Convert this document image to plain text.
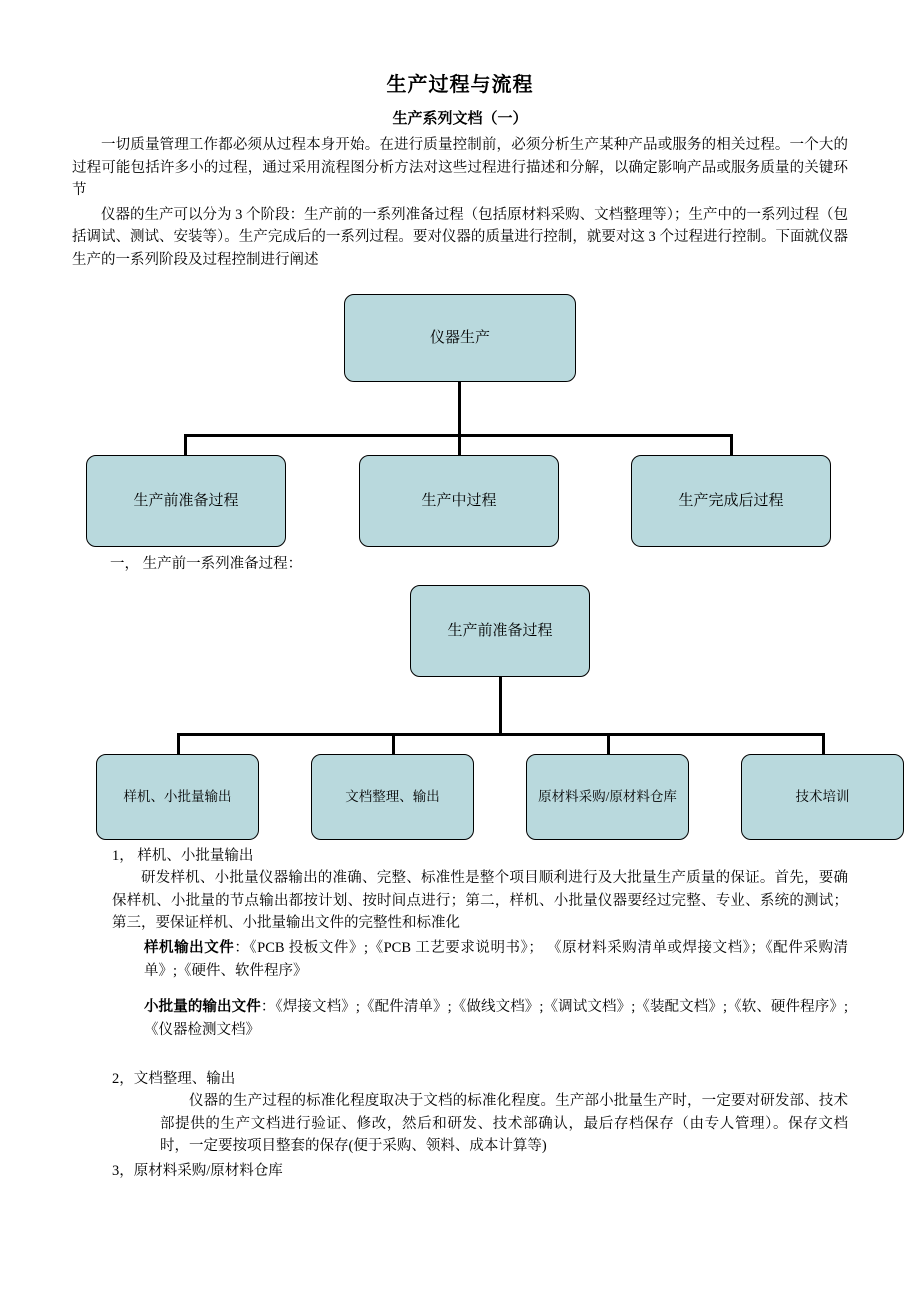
生产过程与流程
生产系列文档（一）

一切质量管理工作都必须从过程本身开始。在进行质量控制前，必须分析生产某种产品或服务的相关过程。一个大的过程可能包括许多小的过程，通过采用流程图分析方法对这些过程进行描述和分解，以确定影响产品或服务质量的关键环节

仪器的生产可以分为 3 个阶段：生产前的一系列准备过程（包括原材料采购、文档整理等）；生产中的一系列过程（包括调试、测试、安装等）。生产完成后的一系列过程。要对仪器的质量进行控制，就要对这 3 个过程进行控制。下面就仪器生产的一系列阶段及过程控制进行阐述

仪器生产
生产前准备过程	生产中过程	生产完成后过程

一， 生产前一系列准备过程：

生产前准备过程
样机、小批量输出	文档整理、输出	原材料采购/原材料仓库	技术培训

1， 样机、小批量输出

研发样机、小批量仪器输出的准确、完整、标准性是整个项目顺利进行及大批量生产质量的保证。首先，要确保样机、小批量的节点输出都按计划、按时间点进行；第二，样机、小批量仪器要经过完整、专业、系统的测试；第三，要保证样机、小批量输出文件的完整性和标准化

样机输出文件：《PCB 投板文件》;《PCB 工艺要求说明书》； 《原材料采购清单或焊接文档》；《配件采购清单》;《硬件、软件程序》

小批量的输出文件：《焊接文档》;《配件清单》;《做线文档》;《调试文档》;《装配文档》;《软、硬件程序》;《仪器检测文档》

2，文档整理、输出

仪器的生产过程的标准化程度取决于文档的标准化程度。生产部小批量生产时，一定要对研发部、技术部提供的生产文档进行验证、修改，然后和研发、技术部确认，最后存档保存（由专人管理）。保存文档时，一定要按项目整套的保存(便于采购、领料、成本计算等)

3，原材料采购/原材料仓库
